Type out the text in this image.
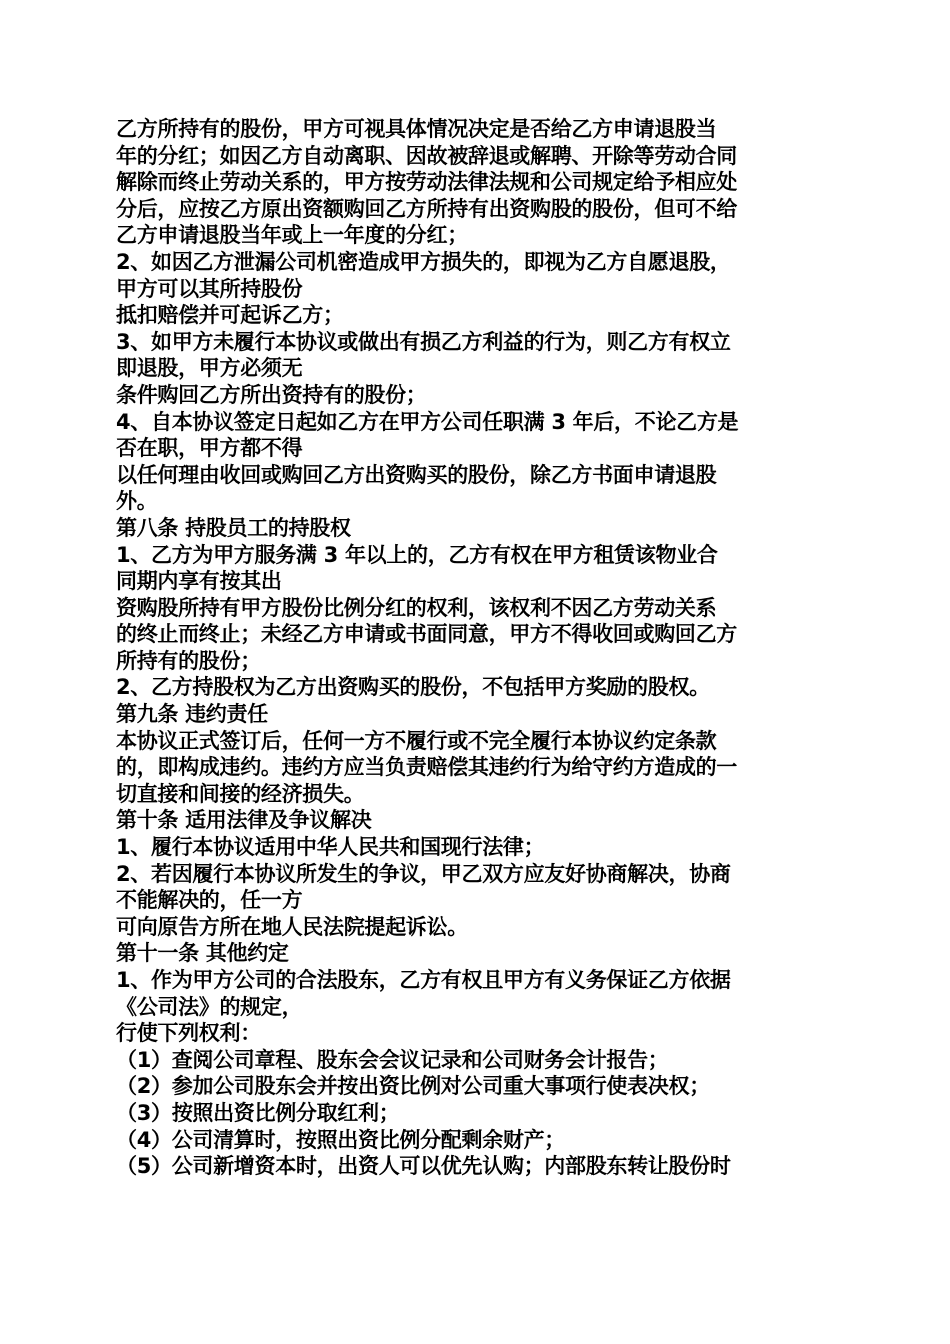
乙方所持有的股份，甲方可视具体情况决定是否给乙方申请退股当
年的分红；如因乙方自动离职、因故被辞退或解聘、开除等劳动合同
解除而终止劳动关系的，甲方按劳动法律法规和公司规定给予相应处
分后，应按乙方原出资额购回乙方所持有出资购股的股份，但可不给
乙方申请退股当年或上一年度的分红；
2、如因乙方泄漏公司机密造成甲方损失的，即视为乙方自愿退股，
甲方可以其所持股份
抵扣赔偿并可起诉乙方；
3、如甲方未履行本协议或做出有损乙方利益的行为，则乙方有权立
即退股，甲方必须无
条件购回乙方所出资持有的股份；
4、自本协议签定日起如乙方在甲方公司任职满 3 年后，不论乙方是
否在职，甲方都不得
以任何理由收回或购回乙方出资购买的股份，除乙方书面申请退股
外。
第八条 持股员工的持股权
1、乙方为甲方服务满 3 年以上的，乙方有权在甲方租赁该物业合
同期内享有按其出
资购股所持有甲方股份比例分红的权利，该权利不因乙方劳动关系
的终止而终止；未经乙方申请或书面同意，甲方不得收回或购回乙方
所持有的股份；
2、乙方持股权为乙方出资购买的股份，不包括甲方奖励的股权。
第九条 违约责任
本协议正式签订后，任何一方不履行或不完全履行本协议约定条款
的，即构成违约。违约方应当负责赔偿其违约行为给守约方造成的一
切直接和间接的经济损失。
第十条 适用法律及争议解决
1、履行本协议适用中华人民共和国现行法律；
2、若因履行本协议所发生的争议，甲乙双方应友好协商解决，协商
不能解决的，任一方
可向原告方所在地人民法院提起诉讼。
第十一条 其他约定
1、作为甲方公司的合法股东，乙方有权且甲方有义务保证乙方依据
《公司法》的规定，
行使下列权利：
（1）查阅公司章程、股东会会议记录和公司财务会计报告；
（2）参加公司股东会并按出资比例对公司重大事项行使表决权；
（3）按照出资比例分取红利；
（4）公司清算时，按照出资比例分配剩余财产；
（5）公司新增资本时，出资人可以优先认购；内部股东转让股份时
